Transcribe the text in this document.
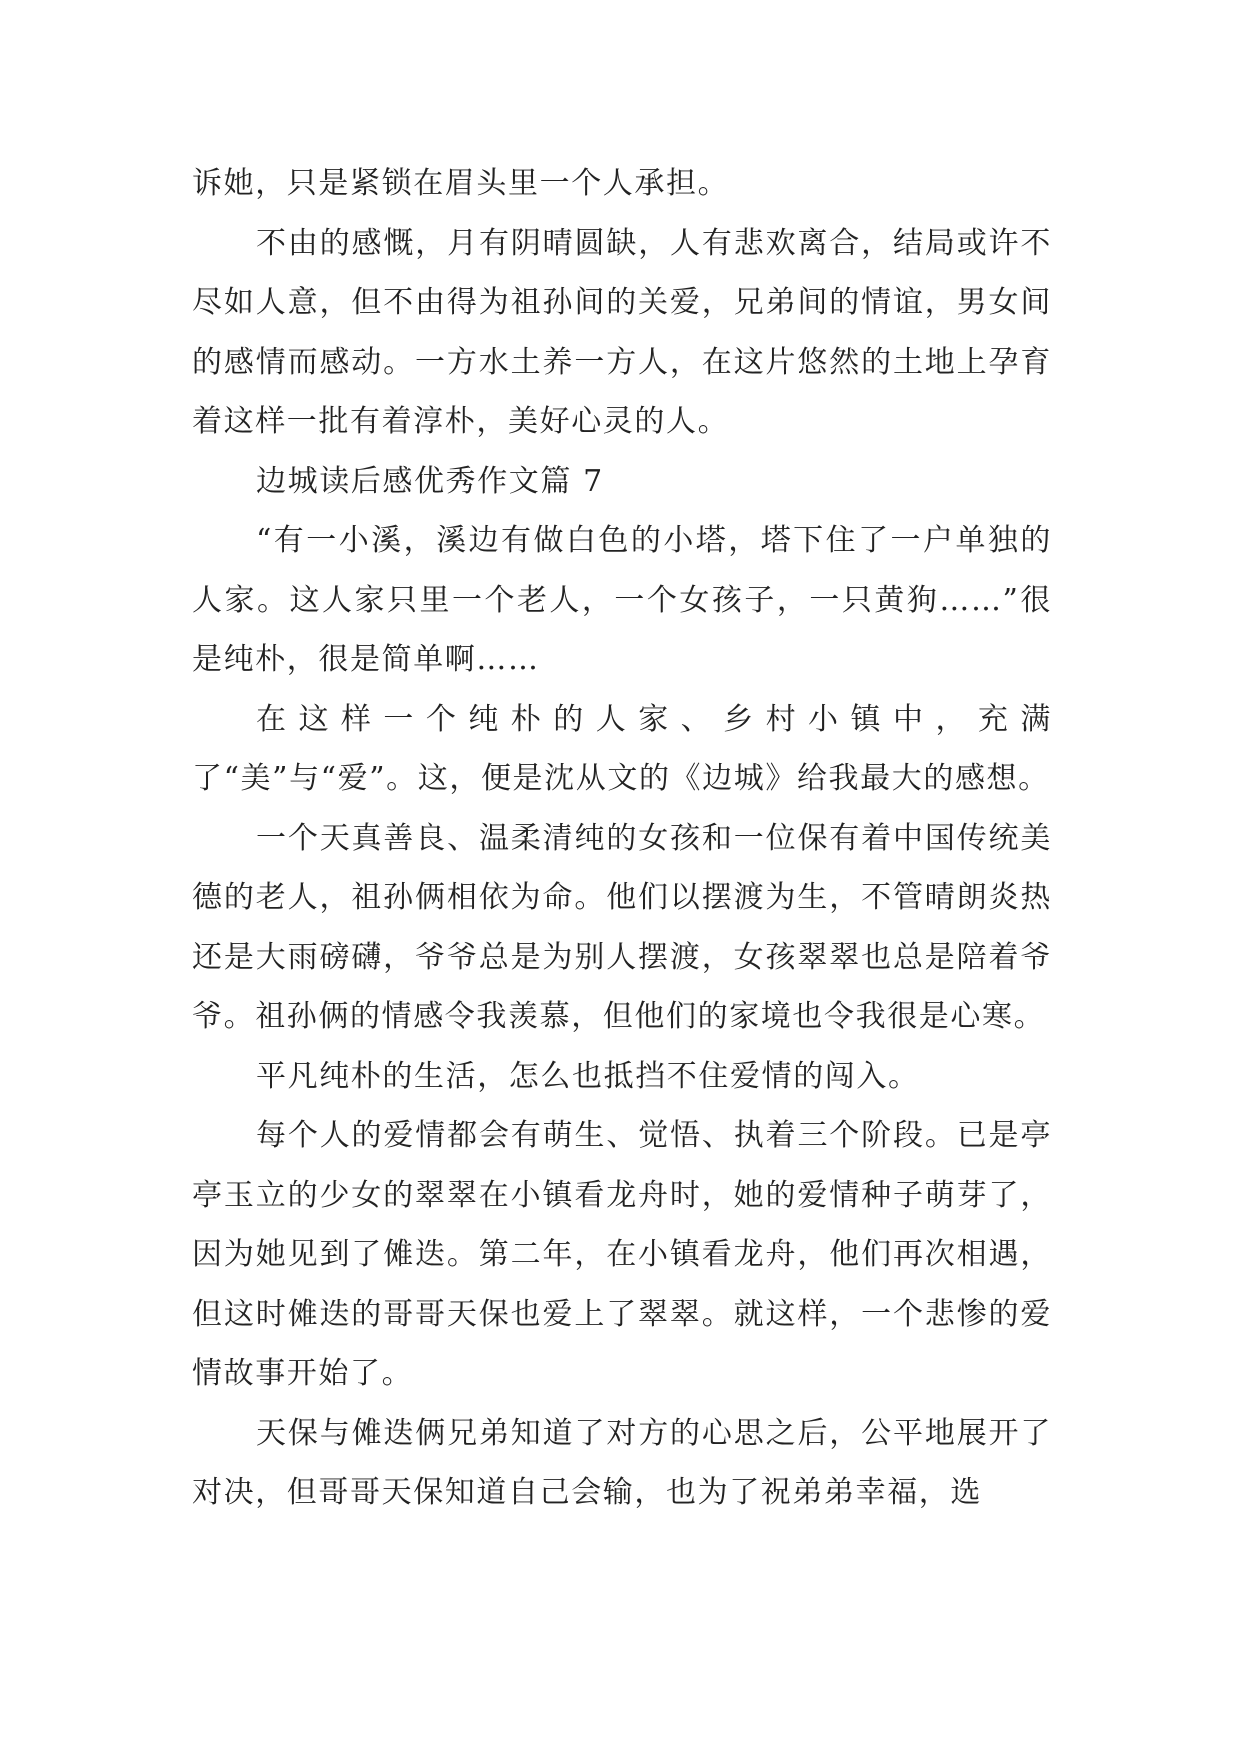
诉她，只是紧锁在眉头里一个人承担。

不由的感慨，月有阴晴圆缺，人有悲欢离合，结局或许不尽如人意，但不由得为祖孙间的关爱，兄弟间的情谊，男女间的感情而感动。一方水土养一方人，在这片悠然的土地上孕育着这样一批有着淳朴，美好心灵的人。

边城读后感优秀作文篇 7

“有一小溪，溪边有做白色的小塔，塔下住了一户单独的人家。这人家只里一个老人，一个女孩子，一只黄狗……”很是纯朴，很是简单啊……

在这样一个纯朴的人家、乡村小镇中，充满了“美”与“爱”。这，便是沈从文的《边城》给我最大的感想。

一个天真善良、温柔清纯的女孩和一位保有着中国传统美德的老人，祖孙俩相依为命。他们以摆渡为生，不管晴朗炎热还是大雨磅礴，爷爷总是为别人摆渡，女孩翠翠也总是陪着爷爷。祖孙俩的情感令我羡慕，但他们的家境也令我很是心寒。

平凡纯朴的生活，怎么也抵挡不住爱情的闯入。

每个人的爱情都会有萌生、觉悟、执着三个阶段。已是亭亭玉立的少女的翠翠在小镇看龙舟时，她的爱情种子萌芽了，因为她见到了傩迭。第二年，在小镇看龙舟，他们再次相遇，但这时傩迭的哥哥天保也爱上了翠翠。就这样，一个悲惨的爱情故事开始了。

天保与傩迭俩兄弟知道了对方的心思之后，公平地展开了对决，但哥哥天保知道自己会输，也为了祝弟弟幸福，选
